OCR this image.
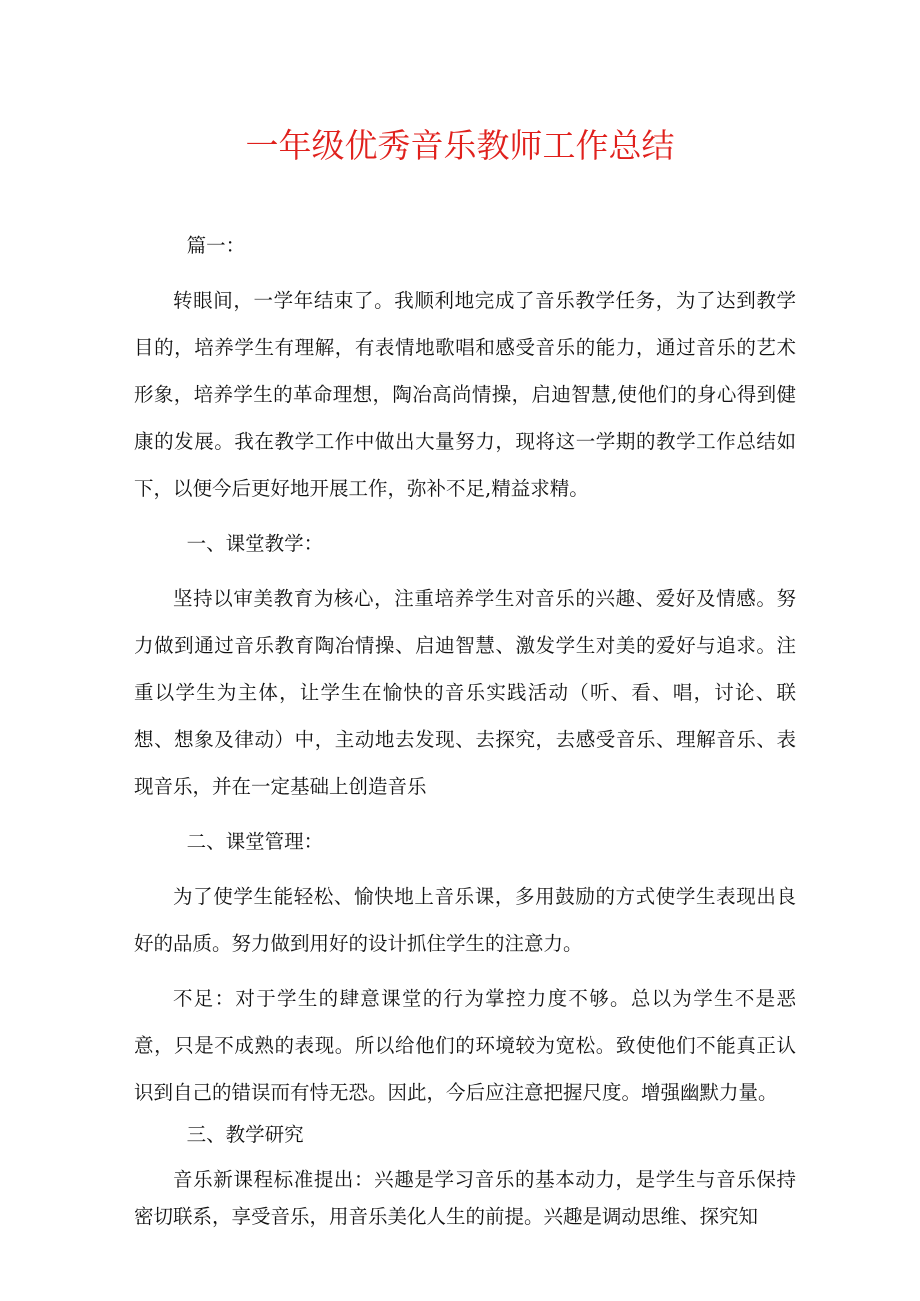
一年级优秀音乐教师工作总结

篇一：

转眼间，一学年结束了。我顺利地完成了音乐教学任务，为了达到教学目的，培养学生有理解，有表情地歌唱和感受音乐的能力，通过音乐的艺术形象，培养学生的革命理想，陶冶高尚情操，启迪智慧,使他们的身心得到健康的发展。我在教学工作中做出大量努力，现将这一学期的教学工作总结如下，以便今后更好地开展工作，弥补不足,精益求精。

一、课堂教学：

坚持以审美教育为核心，注重培养学生对音乐的兴趣、爱好及情感。努力做到通过音乐教育陶冶情操、启迪智慧、激发学生对美的爱好与追求。注重以学生为主体，让学生在愉快的音乐实践活动（听、看、唱，讨论、联想、想象及律动）中，主动地去发现、去探究，去感受音乐、理解音乐、表现音乐，并在一定基础上创造音乐

二、课堂管理：

为了使学生能轻松、愉快地上音乐课，多用鼓励的方式使学生表现出良好的品质。努力做到用好的设计抓住学生的注意力。

不足：对于学生的肆意课堂的行为掌控力度不够。总以为学生不是恶意，只是不成熟的表现。所以给他们的环境较为宽松。致使他们不能真正认识到自己的错误而有恃无恐。因此，今后应注意把握尺度。增强幽默力量。

三、教学研究

音乐新课程标准提出：兴趣是学习音乐的基本动力，是学生与音乐保持密切联系，享受音乐，用音乐美化人生的前提。兴趣是调动思维、探究知
